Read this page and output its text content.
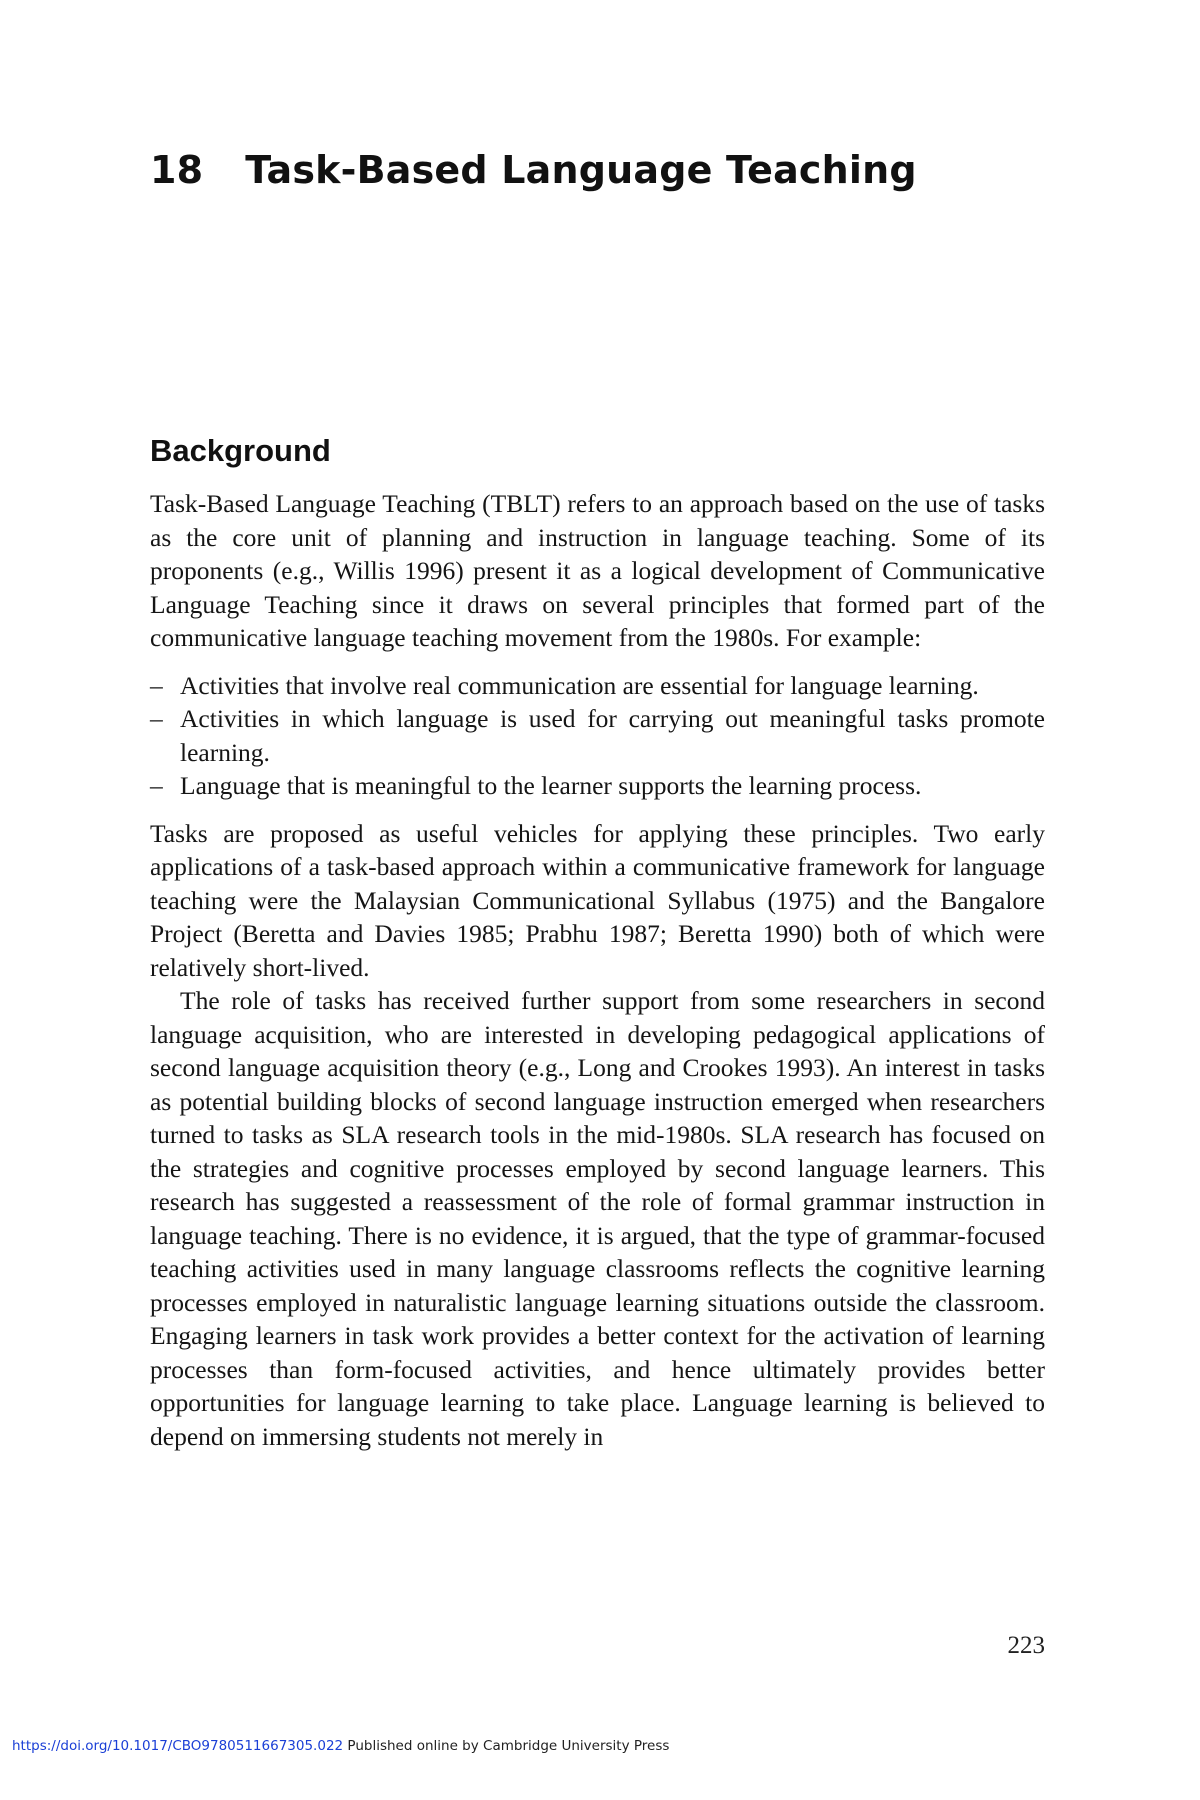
18 Task-Based Language Teaching
Background

Task-Based Language Teaching (TBLT) refers to an approach based on the use of tasks as the core unit of planning and instruction in language teaching. Some of its proponents (e.g., Willis 1996) present it as a logical development of Communicative Language Teaching since it draws on several principles that formed part of the communicative language teaching movement from the 1980s. For example:

– Activities that involve real communication are essential for language learning.
– Activities in which language is used for carrying out meaningful tasks promote learning.
– Language that is meaningful to the learner supports the learning process.

Tasks are proposed as useful vehicles for applying these principles. Two early applications of a task-based approach within a communicative framework for language teaching were the Malaysian Communicational Syllabus (1975) and the Bangalore Project (Beretta and Davies 1985; Prabhu 1987; Beretta 1990) both of which were relatively short-lived.

The role of tasks has received further support from some researchers in second language acquisition, who are interested in developing pedagogical applications of second language acquisition theory (e.g., Long and Crookes 1993). An interest in tasks as potential building blocks of second language instruction emerged when researchers turned to tasks as SLA research tools in the mid-1980s. SLA research has focused on the strategies and cognitive processes employed by second language learners. This research has suggested a reassessment of the role of formal grammar instruction in language teaching. There is no evidence, it is argued, that the type of grammar-focused teaching activities used in many language classrooms reflects the cognitive learning processes employed in naturalistic language learning situations outside the classroom. Engaging learners in task work provides a better context for the activation of learning processes than form-focused activities, and hence ultimately provides better opportunities for language learning to take place. Language learning is believed to depend on immersing students not merely in

223
https://doi.org/10.1017/CBO9780511667305.022 Published online by Cambridge University Press
